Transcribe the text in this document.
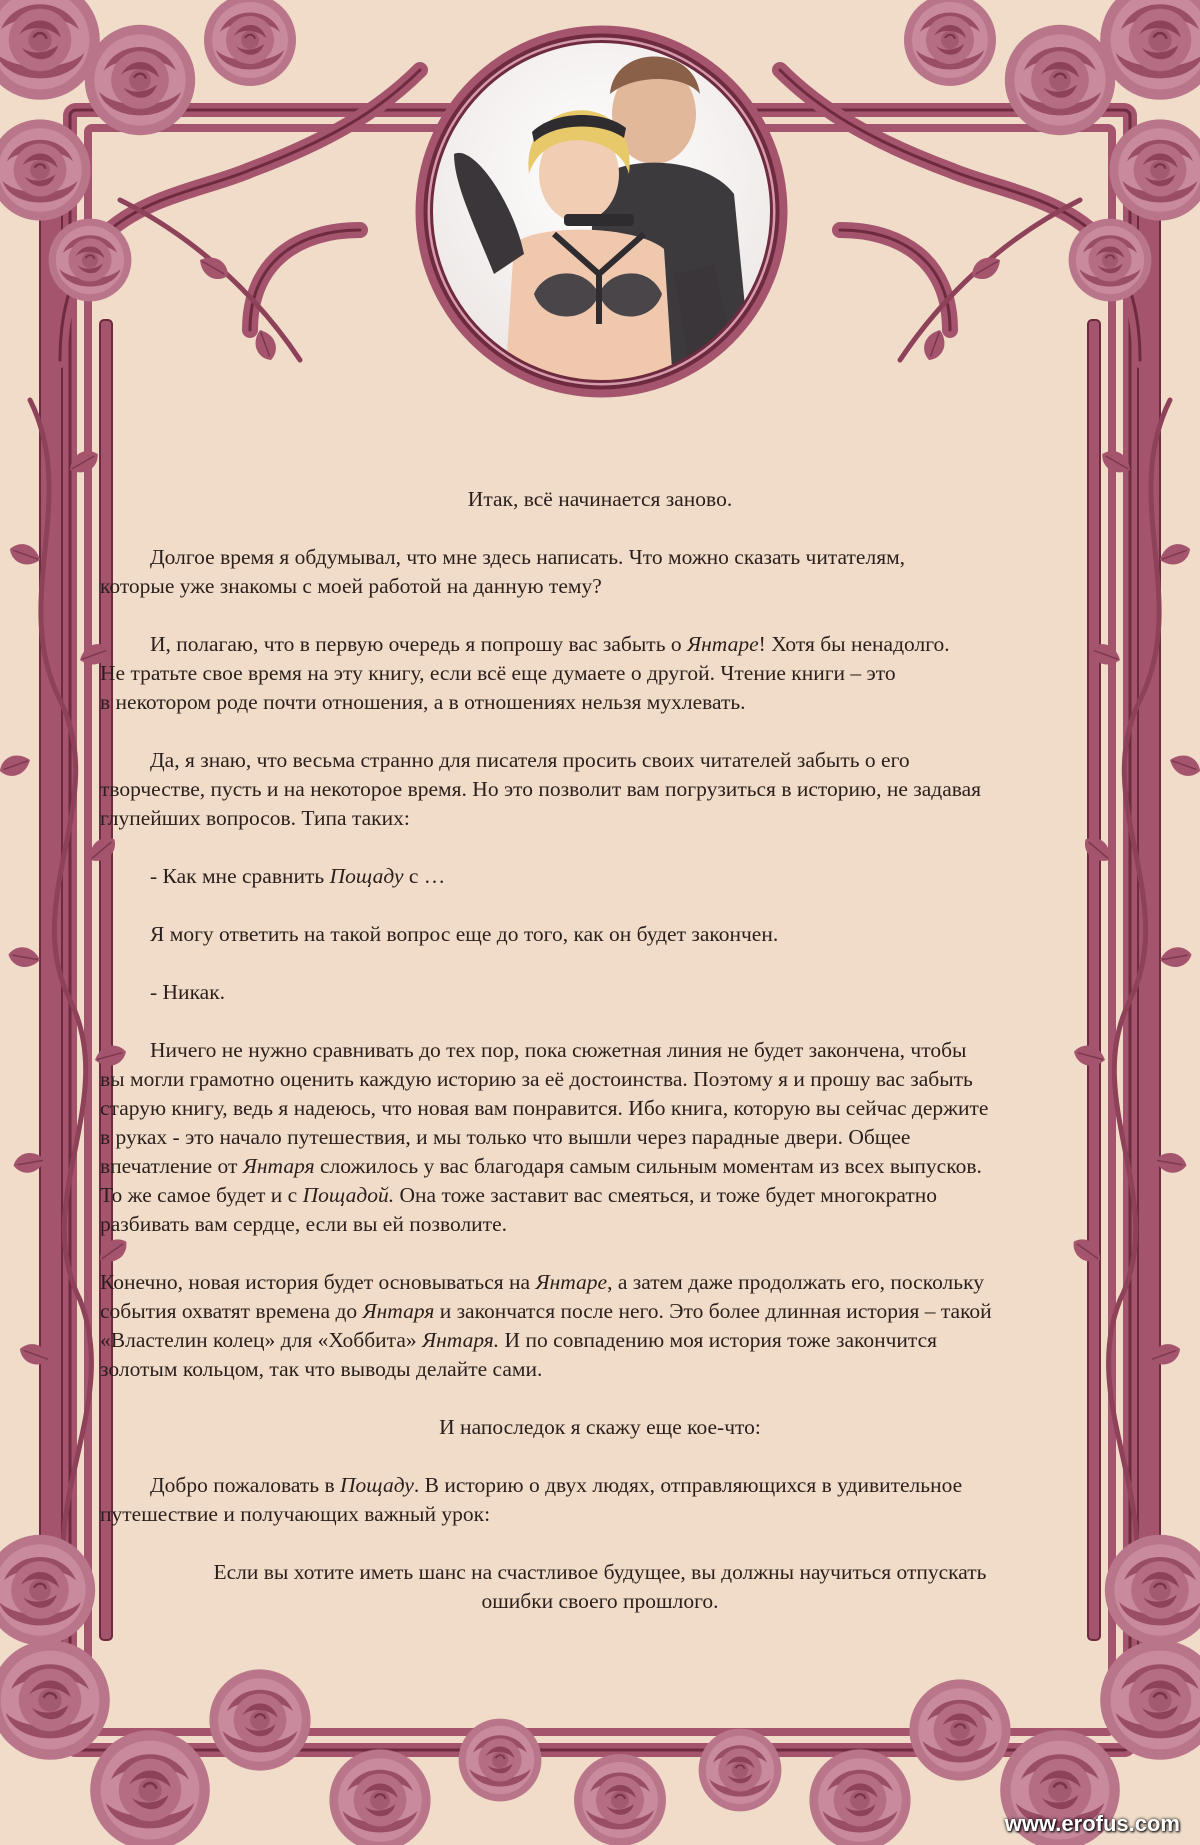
Итак, всё начинается заново.

Долгое время я обдумывал, что мне здесь написать. Что можно сказать читателям,
которые уже знакомы с моей работой на данную тему?

И, полагаю, что в первую очередь я попрошу вас забыть о Янтаре! Хотя бы ненадолго.
Не тратьте свое время на эту книгу, если всё еще думаете о другой. Чтение книги – это
в некотором роде почти отношения, а в отношениях нельзя мухлевать.

Да, я знаю, что весьма странно для писателя просить своих читателей забыть о его
творчестве, пусть и на некоторое время. Но это позволит вам погрузиться в историю, не задавая
глупейших вопросов. Типа таких:

- Как мне сравнить Пощаду с …

Я могу ответить на такой вопрос еще до того, как он будет закончен.

- Никак.

Ничего не нужно сравнивать до тех пор, пока сюжетная линия не будет закончена, чтобы
вы могли грамотно оценить каждую историю за её достоинства. Поэтому я и прошу вас забыть
старую книгу, ведь я надеюсь, что новая вам понравится. Ибо книга, которую вы сейчас держите
в руках - это начало путешествия, и мы только что вышли через парадные двери. Общее
впечатление от Янтаря сложилось у вас благодаря самым сильным моментам из всех выпусков.
То же самое будет и с Пощадой. Она тоже заставит вас смеяться, и тоже будет многократно
разбивать вам сердце, если вы ей позволите.

Конечно, новая история будет основываться на Янтаре, а затем даже продолжать его, поскольку
события охватят времена до Янтаря и закончатся после него. Это более длинная история – такой
«Властелин колец» для «Хоббита» Янтаря. И по совпадению моя история тоже закончится
золотым кольцом, так что выводы делайте сами.

И напоследок я скажу еще кое-что:

Добро пожаловать в Пощаду. В историю о двух людях, отправляющихся в удивительное
путешествие и получающих важный урок:

Если вы хотите иметь шанс на счастливое будущее, вы должны научиться отпускать
ошибки своего прошлого.

www.erofus.com
